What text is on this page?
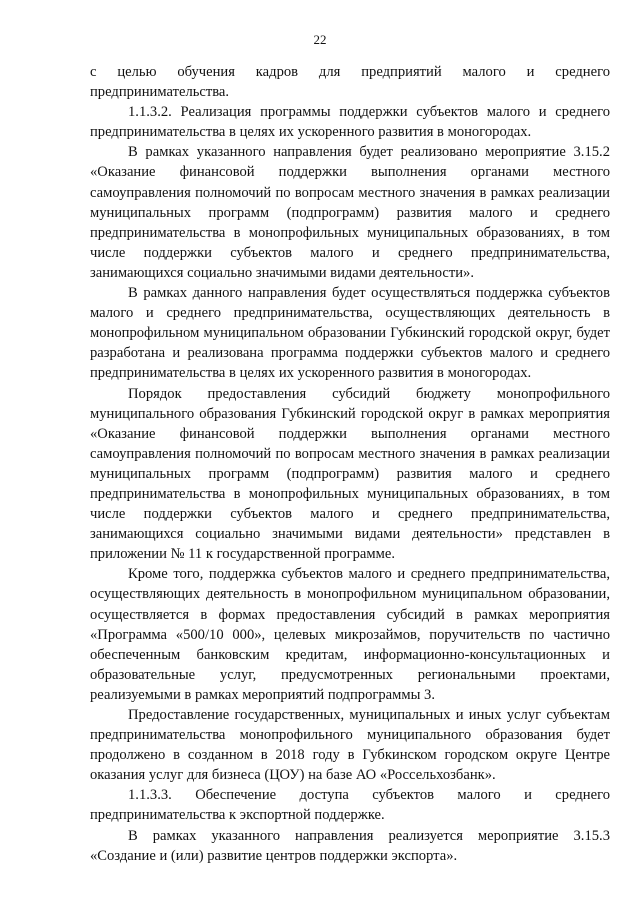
22

с целью обучения кадров для предприятий малого и среднего предпринимательства.

1.1.3.2. Реализация программы поддержки субъектов малого и среднего предпринимательства в целях их ускоренного развития в моногородах.

В рамках указанного направления будет реализовано мероприятие 3.15.2 «Оказание финансовой поддержки выполнения органами местного самоуправления полномочий по вопросам местного значения в рамках реализации муниципальных программ (подпрограмм) развития малого и среднего предпринимательства в монопрофильных муниципальных образованиях, в том числе поддержки субъектов малого и среднего предпринимательства, занимающихся социально значимыми видами деятельности».

В рамках данного направления будет осуществляться поддержка субъектов малого и среднего предпринимательства, осуществляющих деятельность в монопрофильном муниципальном образовании Губкинский городской округ, будет разработана и реализована программа поддержки субъектов малого и среднего предпринимательства в целях их ускоренного развития в моногородах.

Порядок предоставления субсидий бюджету монопрофильного муниципального образования Губкинский городской округ в рамках мероприятия «Оказание финансовой поддержки выполнения органами местного самоуправления полномочий по вопросам местного значения в рамках реализации муниципальных программ (подпрограмм) развития малого и среднего предпринимательства в монопрофильных муниципальных образованиях, в том числе поддержки субъектов малого и среднего предпринимательства, занимающихся социально значимыми видами деятельности» представлен в приложении № 11 к государственной программе.

Кроме того, поддержка субъектов малого и среднего предпринимательства, осуществляющих деятельность в монопрофильном муниципальном образовании, осуществляется в формах предоставления субсидий в рамках мероприятия «Программа «500/10 000», целевых микрозаймов, поручительств по частично обеспеченным банковским кредитам, информационно-консультационных и образовательные услуг, предусмотренных региональными проектами, реализуемыми в рамках мероприятий подпрограммы 3.

Предоставление государственных, муниципальных и иных услуг субъектам предпринимательства монопрофильного муниципального образования будет продолжено в созданном в 2018 году в Губкинском городском округе Центре оказания услуг для бизнеса (ЦОУ) на базе АО «Россельхозбанк».

1.1.3.3. Обеспечение доступа субъектов малого и среднего предпринимательства к экспортной поддержке.

В рамках указанного направления реализуется мероприятие 3.15.3 «Создание и (или) развитие центров поддержки экспорта».
